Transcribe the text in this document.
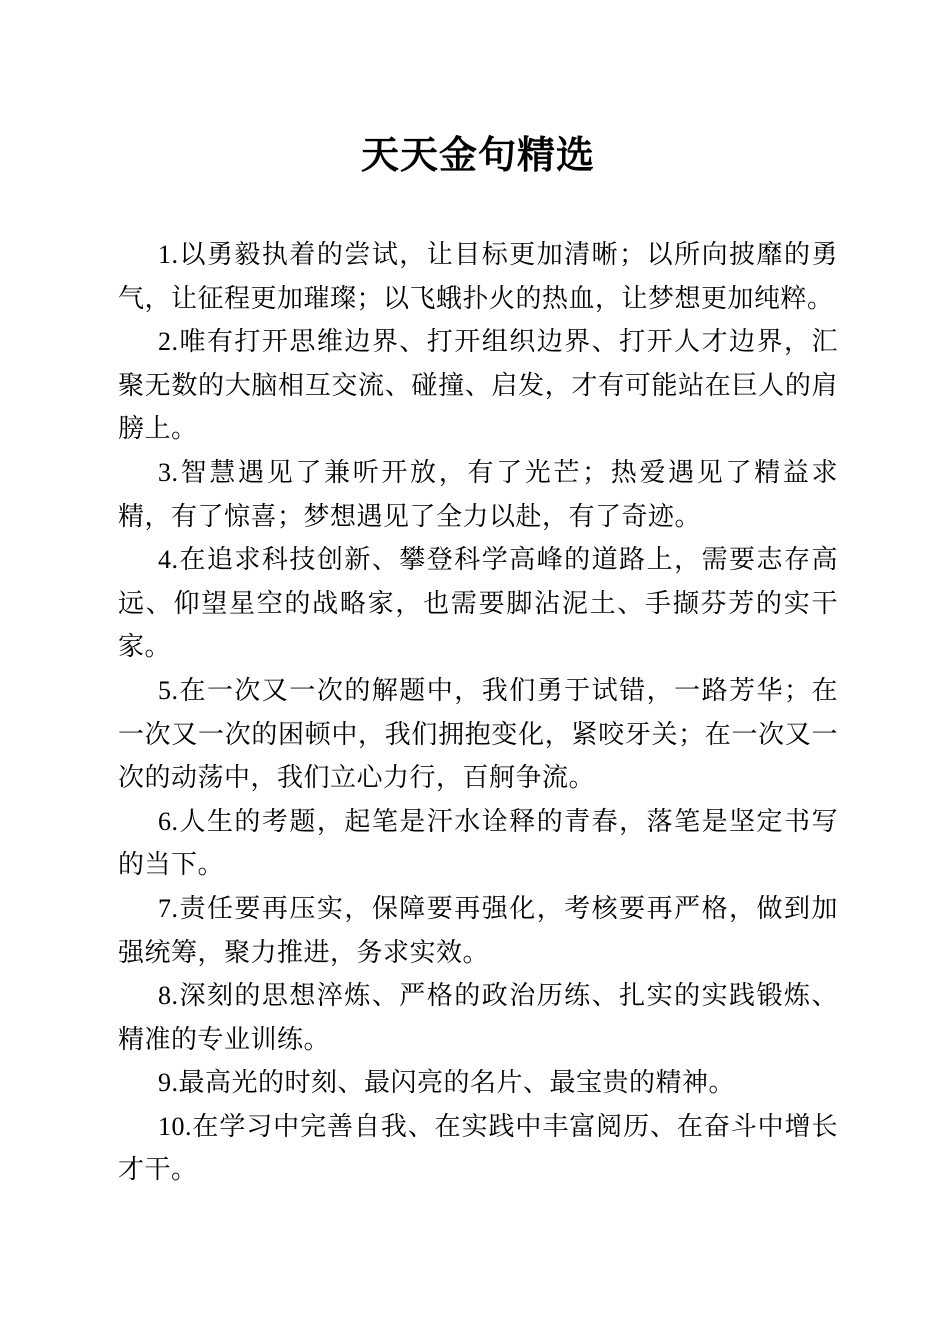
天天金句精选

1.以勇毅执着的尝试，让目标更加清晰；以所向披靡的勇气，让征程更加璀璨；以飞蛾扑火的热血，让梦想更加纯粹。

2.唯有打开思维边界、打开组织边界、打开人才边界，汇聚无数的大脑相互交流、碰撞、启发，才有可能站在巨人的肩膀上。

3.智慧遇见了兼听开放，有了光芒；热爱遇见了精益求精，有了惊喜；梦想遇见了全力以赴，有了奇迹。

4.在追求科技创新、攀登科学高峰的道路上，需要志存高远、仰望星空的战略家，也需要脚沾泥土、手撷芬芳的实干家。

5.在一次又一次的解题中，我们勇于试错，一路芳华；在一次又一次的困顿中，我们拥抱变化，紧咬牙关；在一次又一次的动荡中，我们立心力行，百舸争流。

6.人生的考题，起笔是汗水诠释的青春，落笔是坚定书写的当下。

7.责任要再压实，保障要再强化，考核要再严格，做到加强统筹，聚力推进，务求实效。

8.深刻的思想淬炼、严格的政治历练、扎实的实践锻炼、精准的专业训练。

9.最高光的时刻、最闪亮的名片、最宝贵的精神。

10.在学习中完善自我、在实践中丰富阅历、在奋斗中增长才干。
